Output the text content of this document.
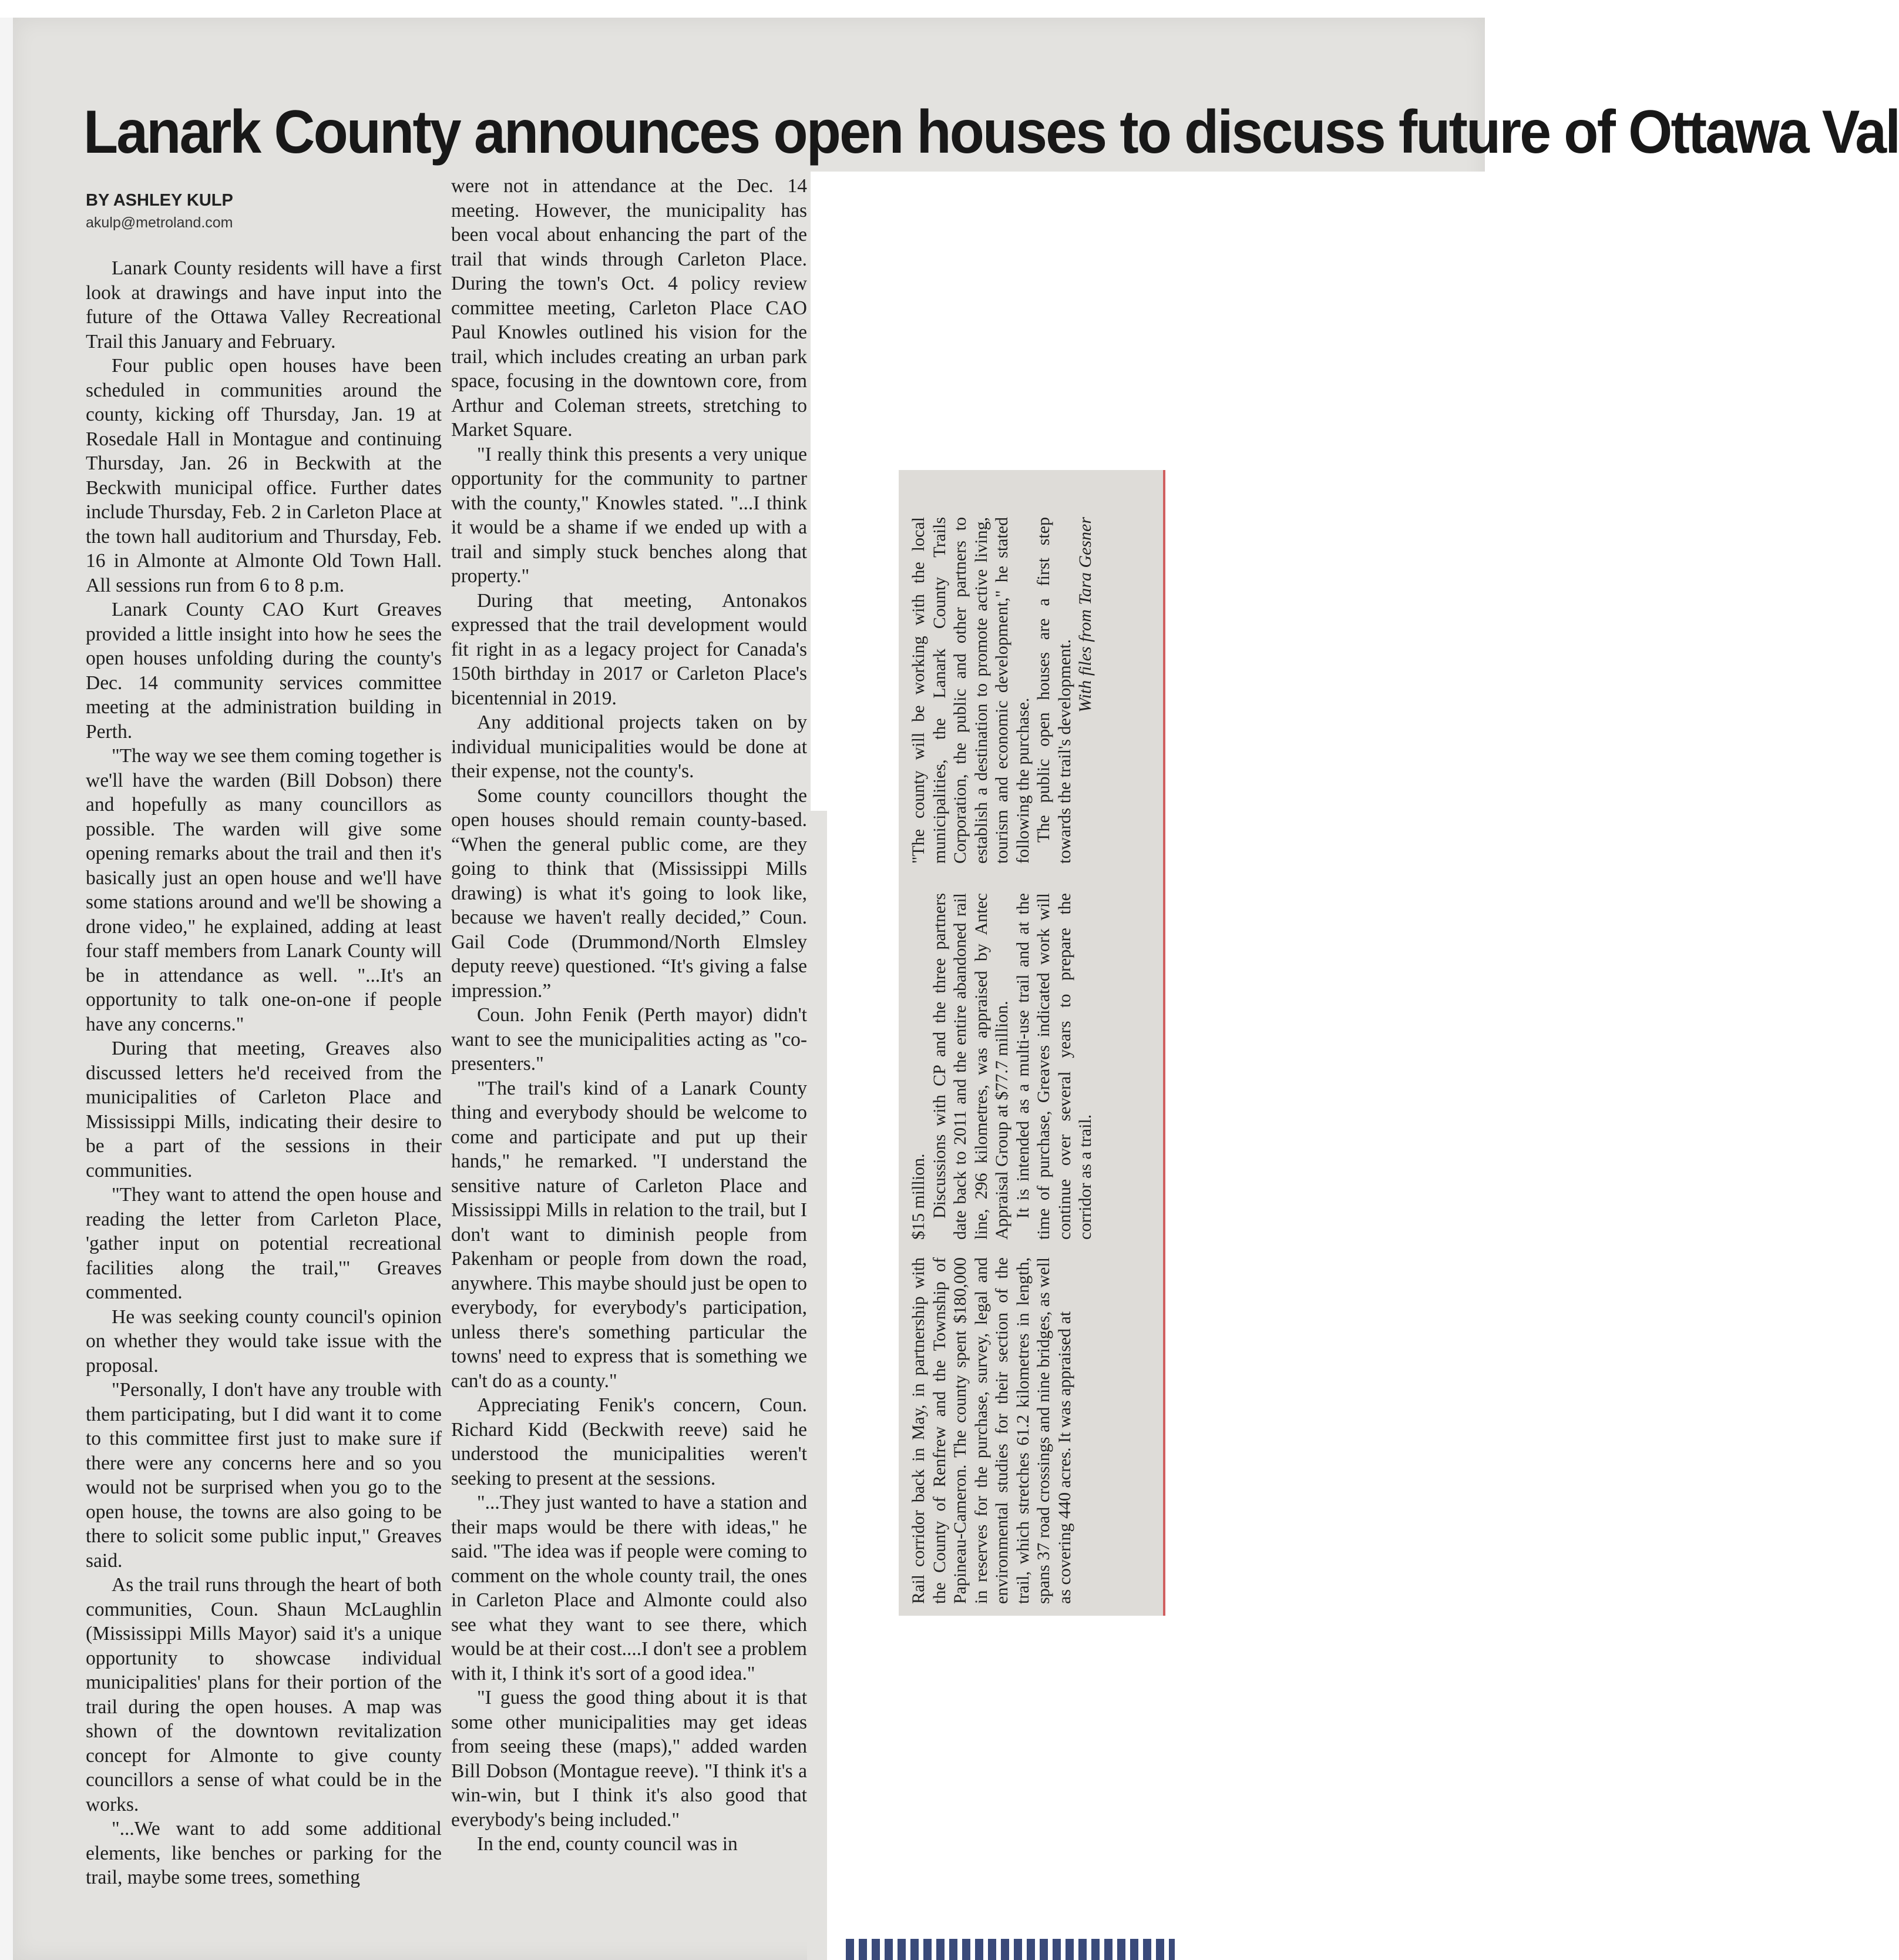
Lanark County announces open houses to discuss future of Ottawa Val
BY ASHLEY KULP
akulp@metroland.com

Lanark County residents will have a first look at drawings and have input into the future of the Ottawa Valley Recreational Trail this January and February.

Four public open houses have been scheduled in communities around the county, kicking off Thursday, Jan. 19 at Rosedale Hall in Montague and continuing Thursday, Jan. 26 in Beckwith at the Beckwith municipal office. Further dates include Thursday, Feb. 2 in Carleton Place at the town hall auditorium and Thursday, Feb. 16 in Almonte at Almonte Old Town Hall. All sessions run from 6 to 8 p.m.

Lanark County CAO Kurt Greaves provided a little insight into how he sees the open houses unfolding during the county's Dec. 14 community services committee meeting at the administration building in Perth.

"The way we see them coming together is we'll have the warden (Bill Dobson) there and hopefully as many councillors as possible. The warden will give some opening remarks about the trail and then it's basically just an open house and we'll have some stations around and we'll be showing a drone video," he explained, adding at least four staff members from Lanark County will be in attendance as well. "...It's an opportunity to talk one-on-one if people have any concerns."

During that meeting, Greaves also discussed letters he'd received from the municipalities of Carleton Place and Mississippi Mills, indicating their desire to be a part of the sessions in their communities.

"They want to attend the open house and reading the letter from Carleton Place, 'gather input on potential recreational facilities along the trail,'" Greaves commented.

He was seeking county council's opinion on whether they would take issue with the proposal.

"Personally, I don't have any trouble with them participating, but I did want it to come to this committee first just to make sure if there were any concerns here and so you would not be surprised when you go to the open house, the towns are also going to be there to solicit some public input," Greaves said.

As the trail runs through the heart of both communities, Coun. Shaun McLaughlin (Mississippi Mills Mayor) said it's a unique opportunity to showcase individual municipalities' plans for their portion of the trail during the open houses. A map was shown of the downtown revitalization concept for Almonte to give county councillors a sense of what could be in the works.

"...We want to add some additional elements, like benches or parking for the trail, maybe some trees, something

were not in attendance at the Dec. 14 meeting. However, the municipality has been vocal about enhancing the part of the trail that winds through Carleton Place. During the town's Oct. 4 policy review committee meeting, Carleton Place CAO Paul Knowles outlined his vision for the trail, which includes creating an urban park space, focusing in the downtown core, from Arthur and Coleman streets, stretching to Market Square.

"I really think this presents a very unique opportunity for the community to partner with the county," Knowles stated. "...I think it would be a shame if we ended up with a trail and simply stuck benches along that property."

During that meeting, Antonakos expressed that the trail development would fit right in as a legacy project for Canada's 150th birthday in 2017 or Carleton Place's bicentennial in 2019.

Any additional projects taken on by individual municipalities would be done at their expense, not the county's.

Some county councillors thought the open houses should remain county-based. “When the general public come, are they going to think that (Mississippi Mills drawing) is what it's going to look like, because we haven't really decided,” Coun. Gail Code (Drummond/North Elmsley deputy reeve) questioned. “It's giving a false impression.”

Coun. John Fenik (Perth mayor) didn't want to see the municipalities acting as "co-presenters."

"The trail's kind of a Lanark County thing and everybody should be welcome to come and participate and put up their hands," he remarked. "I understand the sensitive nature of Carleton Place and Mississippi Mills in relation to the trail, but I don't want to diminish people from Pakenham or people from down the road, anywhere. This maybe should just be open to everybody, for everybody's participation, unless there's something particular the towns' need to express that is something we can't do as a county."

Appreciating Fenik's concern, Coun. Richard Kidd (Beckwith reeve) said he understood the municipalities weren't seeking to present at the sessions.

"...They just wanted to have a station and their maps would be there with ideas," he said. "The idea was if people were coming to comment on the whole county trail, the ones in Carleton Place and Almonte could also see what they want to see there, which would be at their cost....I don't see a problem with it, I think it's sort of a good idea."

"I guess the good thing about it is that some other municipalities may get ideas from seeing these (maps)," added warden Bill Dobson (Montague reeve). "I think it's a win-win, but I think it's also good that everybody's being included."

In the end, county council was in

Rail corridor back in May, in partnership with the County of Renfrew and the Township of Papineau-Cameron. The county spent $180,000 in reserves for the purchase, survey, legal and environmental studies for their section of the trail, which stretches 61.2 kilometres in length, spans 37 road crossings and nine bridges, as well as covering 440 acres. It was appraised at

$15 million. Discussions with CP and the three partners date back to 2011 and the entire abandoned rail line, 296 kilometres, was appraised by Antec Appraisal Group at $77.7 million. It is intended as a multi-use trail and at the time of purchase, Greaves indicated work will continue over several years to prepare the corridor as a trail.

"The county will be working with the local municipalities, the Lanark County Trails Corporation, the public and other partners to establish a destination to promote active living, tourism and economic development," he stated following the purchase. The public open houses are a first step towards the trail's development.

With files from Tara Gesner
